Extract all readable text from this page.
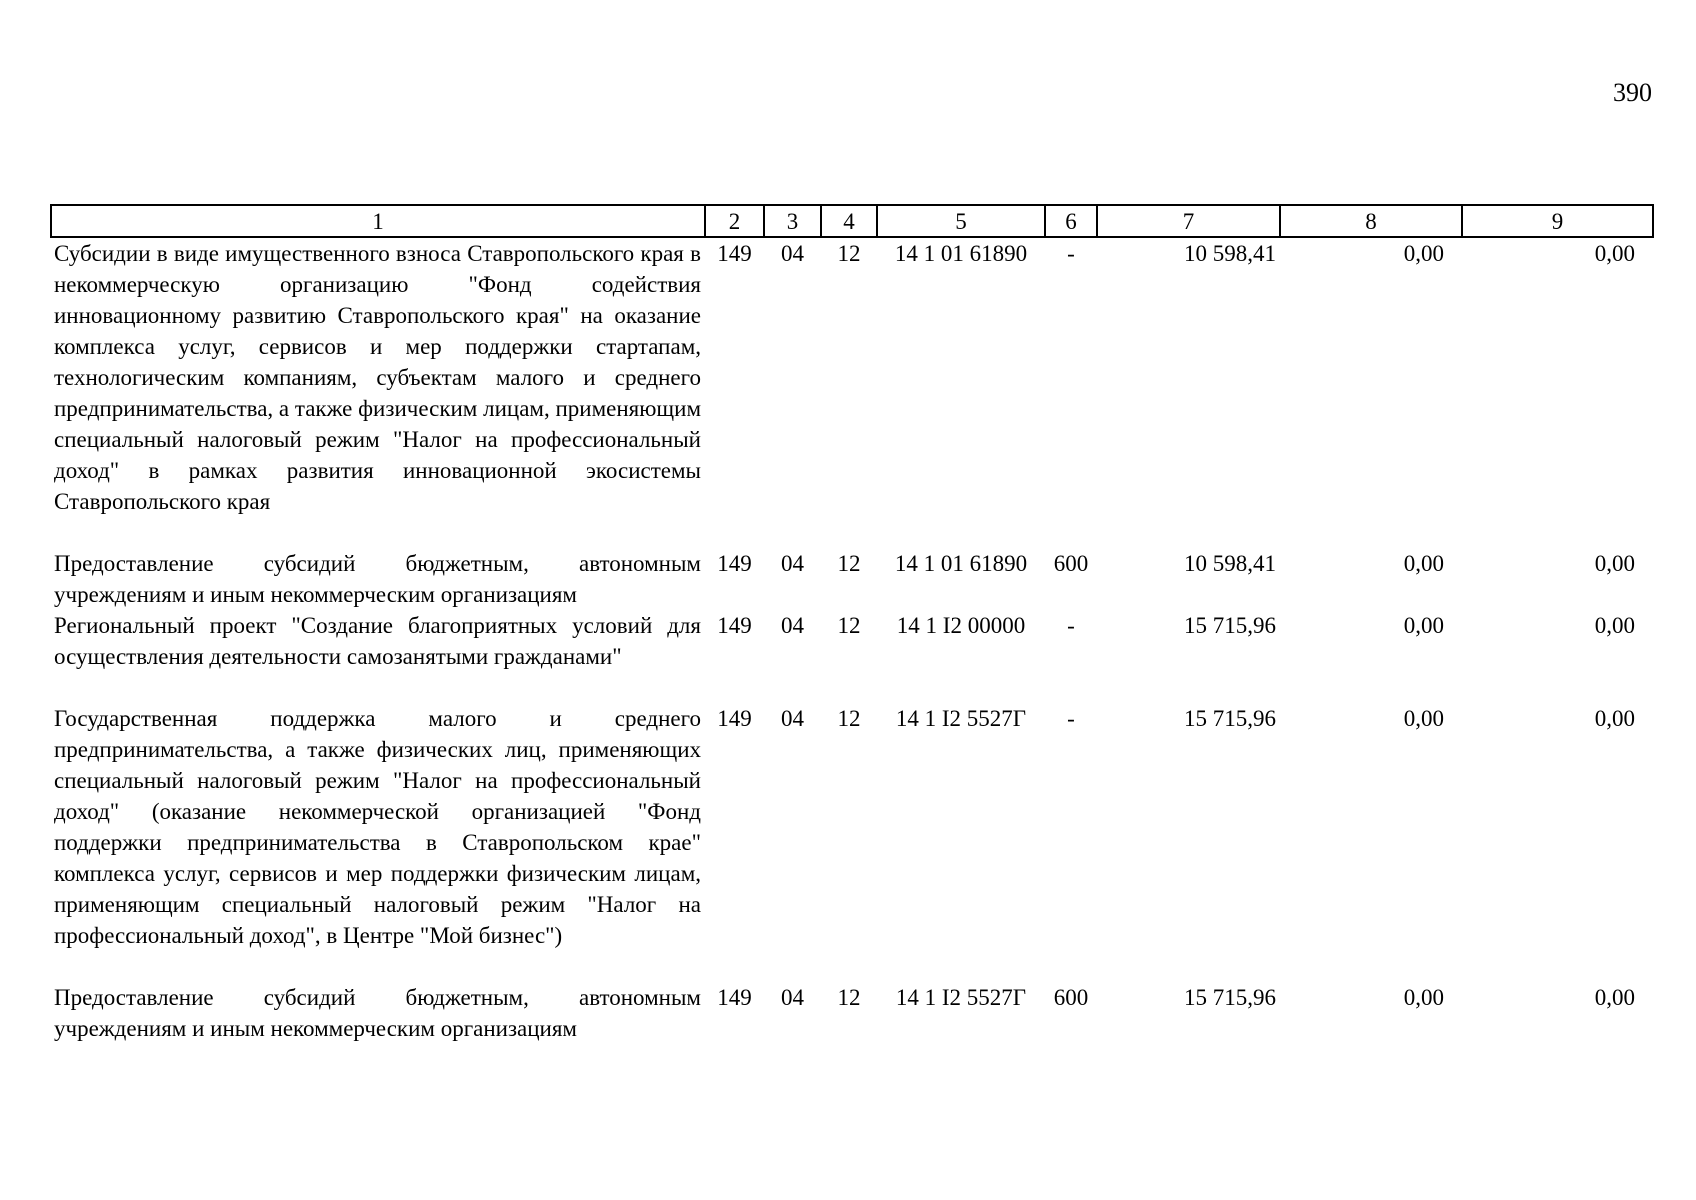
390
1	2	3	4	5	6	7	8	9
Субсидии в виде имущественного взноса Ставропольского края в некоммерческую организацию "Фонд содействия инновационному развитию Ставропольского края" на оказание комплекса услуг, сервисов и мер поддержки стартапам, технологическим компаниям, субъектам малого и среднего предпринимательства, а также физическим лицам, применяющим специальный налоговый режим "Налог на профессиональный доход" в рамках развития инновационной экосистемы Ставропольского края	149	04	12	14 1 01 61890	-	10 598,41	0,00	0,00
Предоставление субсидий бюджетным, автономным учреждениям и иным некоммерческим организациям	149	04	12	14 1 01 61890	600	10 598,41	0,00	0,00
Региональный проект "Создание благоприятных условий для осуществления деятельности самозанятыми гражданами"	149	04	12	14 1 I2 00000	-	15 715,96	0,00	0,00
Государственная поддержка малого и среднего предпринимательства, а также физических лиц, применяющих специальный налоговый режим "Налог на профессиональный доход" (оказание некоммерческой организацией "Фонд поддержки предпринимательства в Ставропольском крае" комплекса услуг, сервисов и мер поддержки физическим лицам, применяющим специальный налоговый режим "Налог на профессиональный доход", в Центре "Мой бизнес")	149	04	12	14 1 I2 5527Г	-	15 715,96	0,00	0,00
Предоставление субсидий бюджетным, автономным учреждениям и иным некоммерческим организациям	149	04	12	14 1 I2 5527Г	600	15 715,96	0,00	0,00
